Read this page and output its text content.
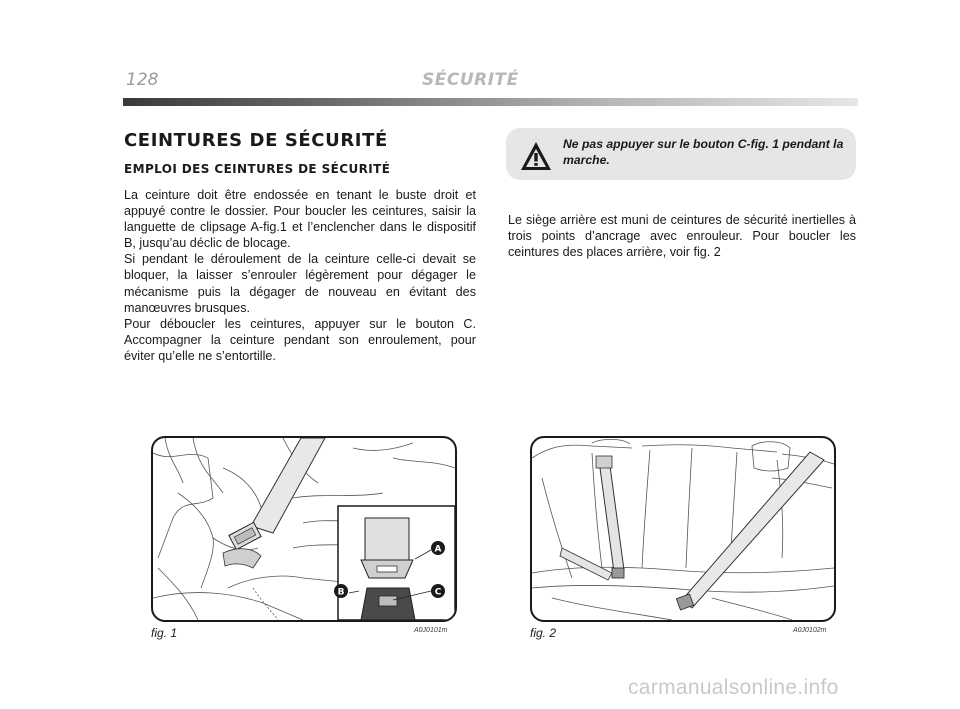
128	SÉCURITÉ
CEINTURES DE SÉCURITÉ
EMPLOI DES CEINTURES DE SÉCURITÉ

La ceinture doit être endossée en tenant le buste droit et appuyé contre le dossier. Pour boucler les ceintures, saisir la languette de clipsage A-fig.1 et l’enclencher dans le dispositif B, jusqu’au déclic de blocage.

Si pendant le déroulement de la ceinture celle-ci devait se bloquer, la laisser s’enrouler légèrement pour dégager le mécanisme puis la dégager de nouveau en évitant des manœuvres brusques.

Pour déboucler les ceintures, appuyer sur le bouton C. Accompagner la ceinture pendant son enroulement, pour éviter qu’elle ne s’entortille.

Ne pas appuyer sur le bouton C-fig. 1 pendant la marche.
Le siège arrière est muni de ceintures de sécurité inertielles à trois points d’ancrage avec enrouleur. Pour boucler les ceintures des places arrière, voir fig. 2
A
B	C
fig. 1	A0J0101m	fig. 2	A0J0102m
carmanualsonline.info
